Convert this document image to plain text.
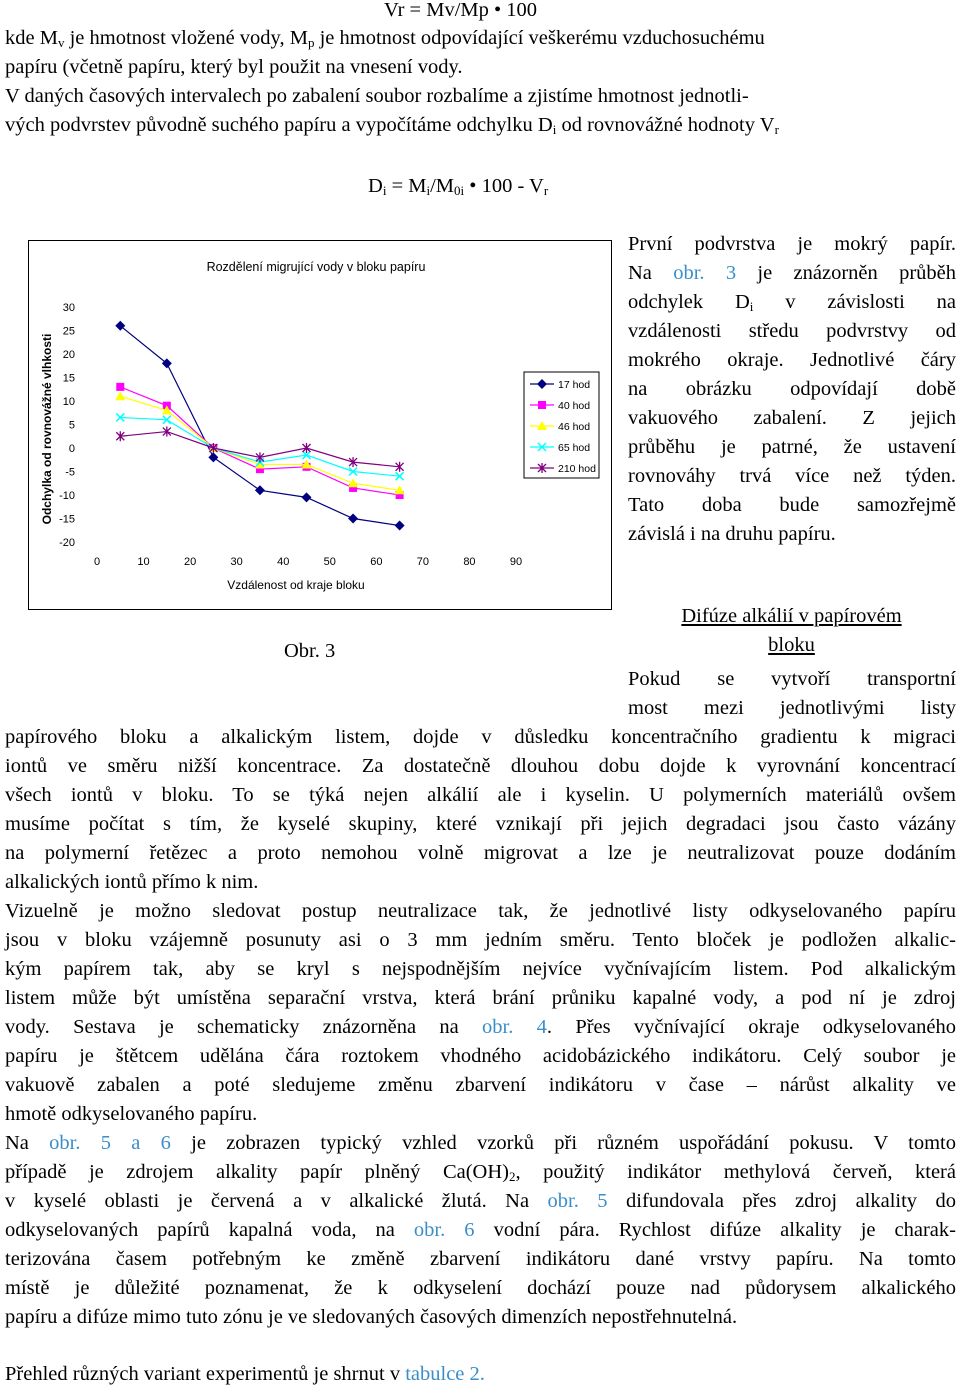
Vr = Mv/Mp • 100
kde $M_v$ je hmotnost vložené vody, $M_p$ je hmotnost odpovídající veškerému vzduchosuchému
papíru (včetně papíru, který byl použit na vnesení vody.
V daných časových intervalech po zabalení soubor rozbalíme a zjistíme hmotnost jednotli-
vých podvrstev původně suchého papíru a vypočítáme odchylku $D_i$ od rovnovážné hodnoty $V_r$
$D_i = M_i/M_{0i}$ • $100 - V_r$
Rozdělení migrující vody v bloku papíru
Odchylka od rovnovážné vlhkosti
Vzdálenost od kraje bloku
30
25
20
15
10
5
0
-5
-10
-15
-20
0	10	20	30	40	50	60	70	80	90
17 hod
40 hod
46 hod
65 hod
210 hod
Obr. 3
První podvrstva je mokrý papír.
Na obr. 3 je znázorněn průběh
odchylek $D_i$ v závislosti na
vzdálenosti středu podvrstvy od
mokrého okraje. Jednotlivé čáry
na obrázku odpovídají době
vakuového zabalení. Z jejich
průběhu je patrné, že ustavení
rovnováhy trvá více než týden.
Tato doba bude samozřejmě
závislá i na druhu papíru.
Difúze alkálií v papírovém
bloku
Pokud se vytvoří transportní
most mezi jednotlivými listy
papírového bloku a alkalickým listem, dojde v důsledku koncentračního gradientu k migraci
iontů ve směru nižší koncentrace. Za dostatečně dlouhou dobu dojde k vyrovnání koncentrací
všech iontů v bloku. To se týká nejen alkálií ale i kyselin. U polymerních materiálů ovšem
musíme počítat s tím, že kyselé skupiny, které vznikají při jejich degradaci jsou často vázány
na polymerní řetězec a proto nemohou volně migrovat a lze je neutralizovat pouze dodáním
alkalických iontů přímo k nim.
Vizuelně je možno sledovat postup neutralizace tak, že jednotlivé listy odkyselovaného papíru
jsou v bloku vzájemně posunuty asi o 3 mm jedním směru. Tento bloček je podložen alkalic-
kým papírem tak, aby se kryl s nejspodnějším nejvíce vyčnívajícím listem. Pod alkalickým
listem může být umístěna separační vrstva, která brání průniku kapalné vody, a pod ní je zdroj
vody. Sestava je schematicky znázorněna na obr. 4. Přes vyčnívající okraje odkyselovaného
papíru je štětcem udělána čára roztokem vhodného acidobázického indikátoru. Celý soubor je
vakuově zabalen a poté sledujeme změnu zbarvení indikátoru v čase – nárůst alkality ve
hmotě odkyselovaného papíru.
Na obr. 5 a 6 je zobrazen typický vzhled vzorků při různém uspořádání pokusu. V tomto
případě je zdrojem alkality papír plněný $Ca(OH)_2$, použitý indikátor methylová červeň, která
v kyselé oblasti je červená a v alkalické žlutá. Na obr. 5 difundovala přes zdroj alkality do
odkyselovaných papírů kapalná voda, na obr. 6 vodní pára. Rychlost difúze alkality je charak-
terizována časem potřebným ke změně zbarvení indikátoru dané vrstvy papíru. Na tomto
místě je důležité poznamenat, že k odkyselení dochází pouze nad půdorysem alkalického
papíru a difúze mimo tuto zónu je ve sledovaných časových dimenzích nepostřehnutelná.
Přehled různých variant experimentů je shrnut v tabulce 2.
